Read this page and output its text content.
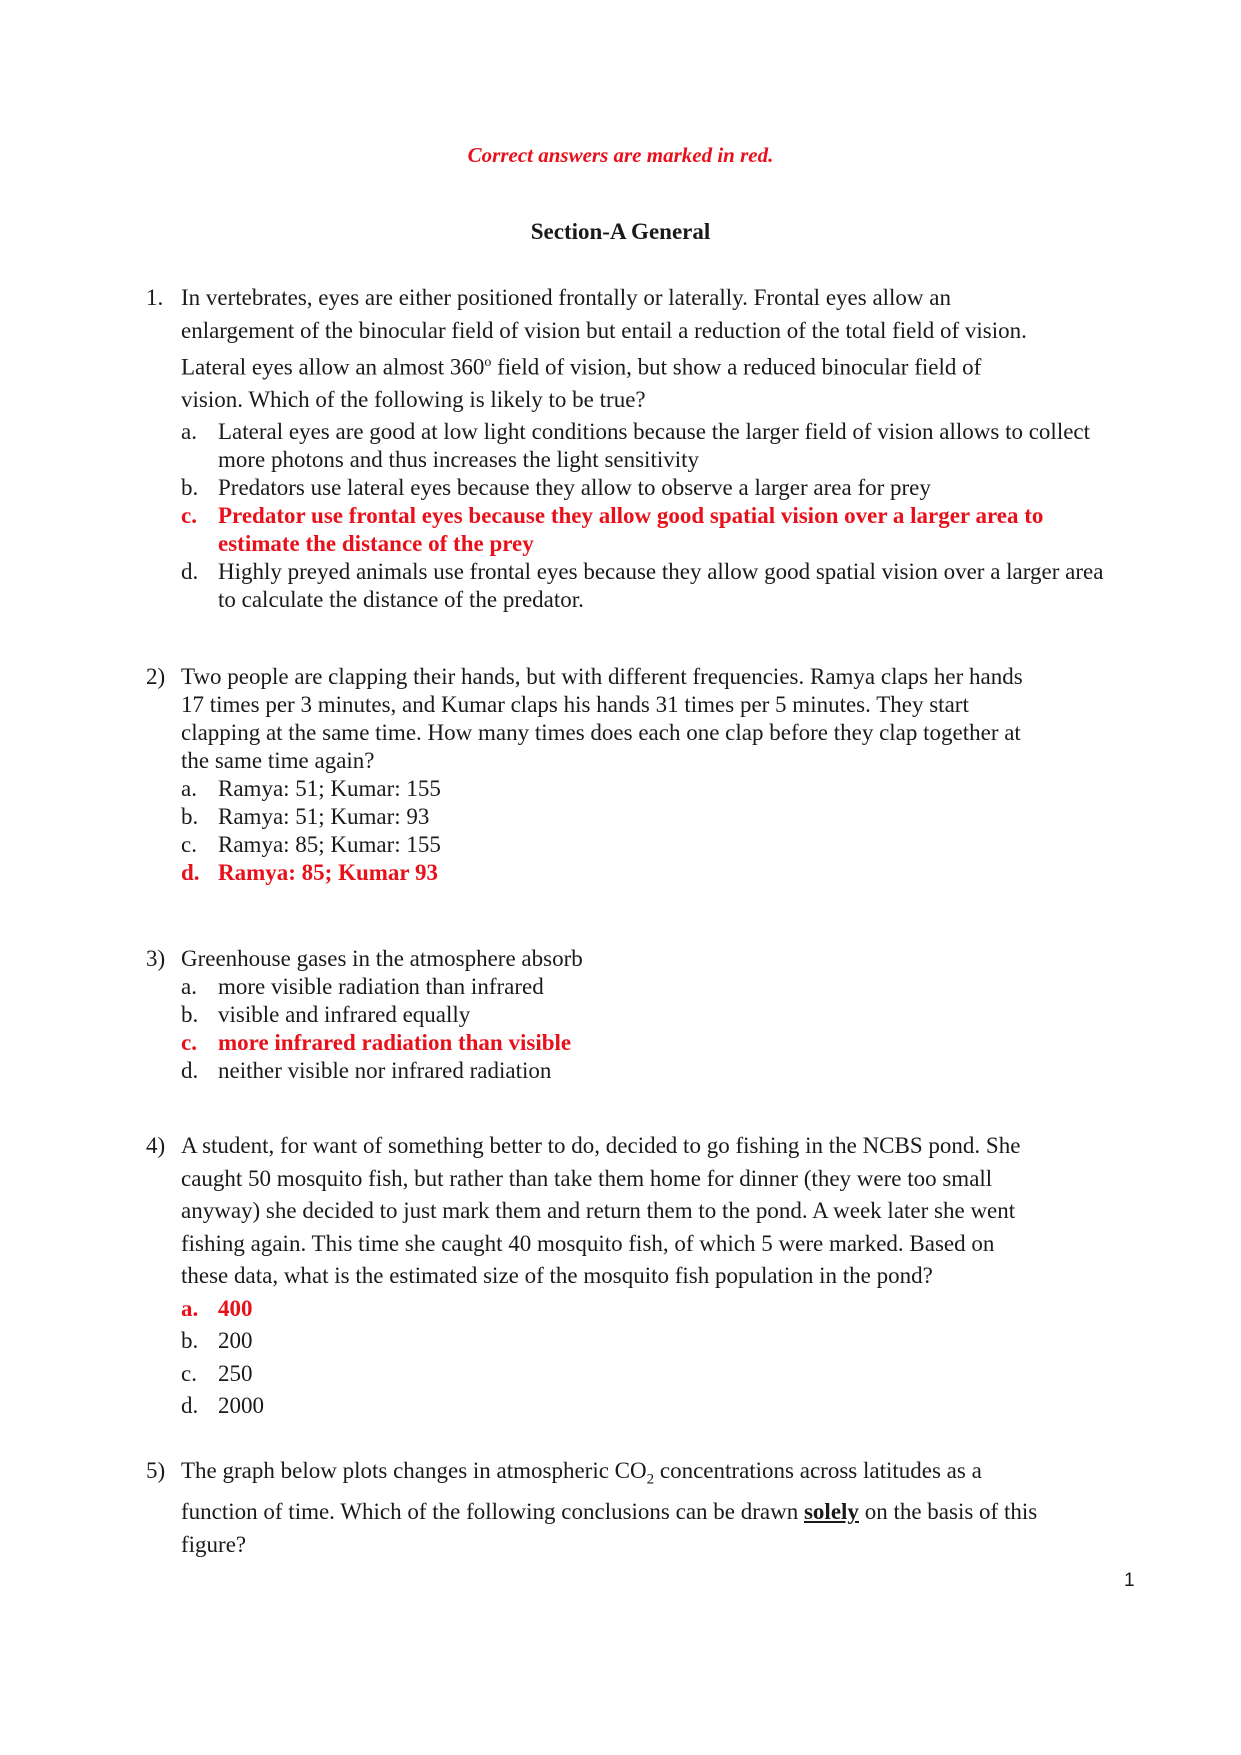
Correct answers are marked in red.
Section-A General
1. In vertebrates, eyes are either positioned frontally or laterally. Frontal eyes allow an
enlargement of the binocular field of vision but entail a reduction of the total field of vision.
Lateral eyes allow an almost 360$^o$ field of vision, but show a reduced binocular field of
vision. Which of the following is likely to be true?
a. Lateral eyes are good at low light conditions because the larger field of vision allows to collect more photons and thus increases the light sensitivity
b. Predators use lateral eyes because they allow to observe a larger area for prey
c. Predator use frontal eyes because they allow good spatial vision over a larger area to estimate the distance of the prey
d. Highly preyed animals use frontal eyes because they allow good spatial vision over a larger area to calculate the distance of the predator.
2) Two people are clapping their hands, but with different frequencies. Ramya claps her hands
17 times per 3 minutes, and Kumar claps his hands 31 times per 5 minutes. They start
clapping at the same time. How many times does each one clap before they clap together at
the same time again?
a. Ramya: 51; Kumar: 155
b. Ramya: 51; Kumar: 93
c. Ramya: 85; Kumar: 155
d. Ramya: 85; Kumar 93
3) Greenhouse gases in the atmosphere absorb
a. more visible radiation than infrared
b. visible and infrared equally
c. more infrared radiation than visible
d. neither visible nor infrared radiation
4) A student, for want of something better to do, decided to go fishing in the NCBS pond. She
caught 50 mosquito fish, but rather than take them home for dinner (they were too small
anyway) she decided to just mark them and return them to the pond. A week later she went
fishing again. This time she caught 40 mosquito fish, of which 5 were marked. Based on
these data, what is the estimated size of the mosquito fish population in the pond?
a. 400
b. 200
c. 250
d. 2000
5) The graph below plots changes in atmospheric $CO_2$ concentrations across latitudes as a
function of time. Which of the following conclusions can be drawn solely on the basis of this
figure?
1
